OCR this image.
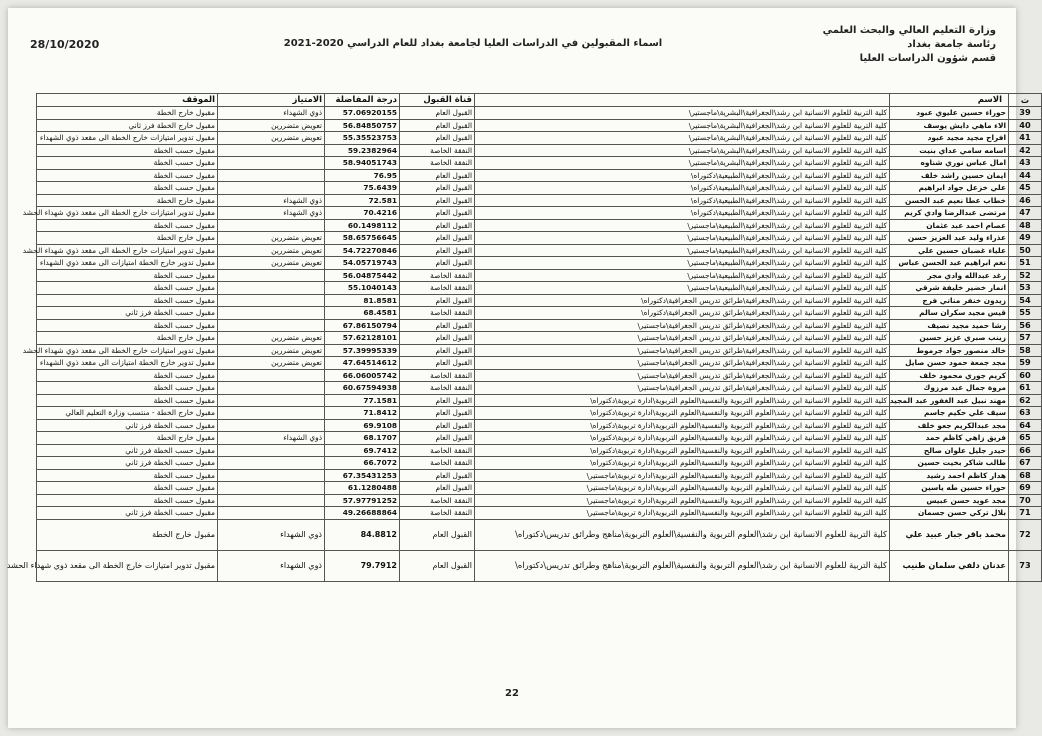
28/10/2020	اسماء المقبولين في الدراسات العليا لجامعة بغداد للعام الدراسي 2020-2021
وزارة التعليم العالي والبحث العلمي
رئاسة جامعة بغداد
قسم شؤون الدراسات العليا
ت	الاسم		قناة القبول	درجة المفاضلة	الامتياز	الموقف
39	حوراء حسين عليوي عبود	كلية التربية للعلوم الانسانية ابن رشد\الجغرافية\البشرية\ماجستير\	القبول العام	57.06920155	ذوي الشهداء	مقبول خارج الخطة
40	الاء ماهي دايش يوسف	كلية التربية للعلوم الانسانية ابن رشد\الجغرافية\البشرية\ماجستير\	القبول العام	56.84850757	تعويض متضررين	مقبول خارج الخطة فرز ثاني
41	افراح مجيد مجيد عبود	كلية التربية للعلوم الانسانية ابن رشد\الجغرافية\البشرية\ماجستير\	القبول العام	55.35523753	تعويض متضررين	مقبول تدوير امتيازات خارج الخطة الى مقعد ذوي الشهداء
42	اسامه سامي عداي بنيت	كلية التربية للعلوم الانسانية ابن رشد\الجغرافية\البشرية\ماجستير\	النفقة الخاصة	59.2382964		مقبول حسب الخطة
43	امال عباس نوري شناوه	كلية التربية للعلوم الانسانية ابن رشد\الجغرافية\البشرية\ماجستير\	النفقة الخاصة	58.94051743		مقبول حسب الخطة
44	ايمان حسين راشد خلف	كلية التربية للعلوم الانسانية ابن رشد\الجغرافية\الطبيعية\دكتوراه\	القبول العام	76.95		مقبول حسب الخطة
45	علي خزعل جواد ابراهيم	كلية التربية للعلوم الانسانية ابن رشد\الجغرافية\الطبيعية\دكتوراه\	القبول العام	75.6439		مقبول حسب الخطة
46	خطاب عطا نعيم عبد الحسن	كلية التربية للعلوم الانسانية ابن رشد\الجغرافية\الطبيعية\دكتوراه\	القبول العام	72.581	ذوي الشهداء	مقبول خارج الخطة
47	مرتضى عبدالرضا وادي كريم	كلية التربية للعلوم الانسانية ابن رشد\الجغرافية\الطبيعية\دكتوراه\	القبول العام	70.4216	ذوي الشهداء	مقبول تدوير امتيازات خارج الخطة الى مقعد ذوي شهداء الحشد
48	عصام احمد عبد عثمان	كلية التربية للعلوم الانسانية ابن رشد\الجغرافية\الطبيعية\ماجستير\	القبول العام	60.1498112		مقبول حسب الخطة
49	عذراء وليد عبد العزيز حسن	كلية التربية للعلوم الانسانية ابن رشد\الجغرافية\الطبيعية\ماجستير\	القبول العام	58.65756645	تعويض متضررين	مقبول خارج الخطة
50	علياء غضبان حسين علي	كلية التربية للعلوم الانسانية ابن رشد\الجغرافية\الطبيعية\ماجستير\	القبول العام	54.72270846	تعويض متضررين	مقبول تدوير امتيازات خارج الخطة الى مقعد ذوي شهداء الحشد
51	نغم ابراهيم عبد الحسن عباس	كلية التربية للعلوم الانسانية ابن رشد\الجغرافية\الطبيعية\ماجستير\	القبول العام	54.05719743	تعويض متضررين	مقبول تدوير خارج الخطة امتيازات الى مقعد ذوي الشهداء
52	رغد عبدالله وادي مجر	كلية التربية للعلوم الانسانية ابن رشد\الجغرافية\الطبيعية\ماجستير\	النفقة الخاصة	56.04875442		مقبول حسب الخطة
53	انمار خضير خليفة شرقي	كلية التربية للعلوم الانسانية ابن رشد\الجغرافية\الطبيعية\ماجستير\	النفقة الخاصة	55.1040143		مقبول حسب الخطة
54	زيدون خنفر مناتي فرج	كلية التربية للعلوم الانسانية ابن رشد\الجغرافية\طرائق تدريس الجغرافية\دكتوراه\	القبول العام	81.8581		مقبول حسب الخطة
55	قيس مجيد سكران سالم	كلية التربية للعلوم الانسانية ابن رشد\الجغرافية\طرائق تدريس الجغرافية\دكتوراه\	النفقة الخاصة	68.4581		مقبول حسب الخطة فرز ثاني
56	رشا حميد مجيد نصيف	كلية التربية للعلوم الانسانية ابن رشد\الجغرافية\طرائق تدريس الجغرافية\ماجستير\	القبول العام	67.86150794		مقبول حسب الخطة
57	زينب صبري عزيز حسين	كلية التربية للعلوم الانسانية ابن رشد\الجغرافية\طرائق تدريس الجغرافية\ماجستير\	القبول العام	57.62128101	تعويض متضررين	مقبول خارج الخطة
58	خالد منصور جواد جرموط	كلية التربية للعلوم الانسانية ابن رشد\الجغرافية\طرائق تدريس الجغرافية\ماجستير\	القبول العام	57.39995339	تعويض متضررين	مقبول تدوير امتيازات خارج الخطة الى مقعد ذوي شهداء الحشد
59	مجد جمعة حمود حسن صايل	كلية التربية للعلوم الانسانية ابن رشد\الجغرافية\طرائق تدريس الجغرافية\ماجستير\	القبول العام	47.64514612	تعويض متضررين	مقبول تدوير خارج الخطة امتيازات الى مقعد ذوي الشهداء
60	كريم جوري محمود خلف	كلية التربية للعلوم الانسانية ابن رشد\الجغرافية\طرائق تدريس الجغرافية\ماجستير\	النفقة الخاصة	66.06005742		مقبول حسب الخطة
61	مروة جمال عبد مرزوك	كلية التربية للعلوم الانسانية ابن رشد\الجغرافية\طرائق تدريس الجغرافية\ماجستير\	النفقة الخاصة	60.67594938		مقبول حسب الخطة
62	مهند نبيل عبد الغفور عبد المجيد	كلية التربية للعلوم الانسانية ابن رشد\العلوم التربوية والنفسية\العلوم التربوية\ادارة تربوية\دكتوراه\	القبول العام	77.1581		مقبول حسب الخطة
63	سيف علي حكيم جاسم	كلية التربية للعلوم الانسانية ابن رشد\العلوم التربوية والنفسية\العلوم التربوية\ادارة تربوية\دكتوراه\	القبول العام	71.8412		مقبول خارج الخطة - منتسب وزارة التعليم العالي
64	مجد عبدالكريم جعو خلف	كلية التربية للعلوم الانسانية ابن رشد\العلوم التربوية والنفسية\العلوم التربوية\ادارة تربوية\دكتوراه\	القبول العام	69.9108		مقبول حسب الخطة فرز ثاني
65	فريق زاهي كاظم حمد	كلية التربية للعلوم الانسانية ابن رشد\العلوم التربوية والنفسية\العلوم التربوية\ادارة تربوية\دكتوراه\	القبول العام	68.1707	ذوي الشهداء	مقبول خارج الخطة
66	حيدر جليل علوان صالح	كلية التربية للعلوم الانسانية ابن رشد\العلوم التربوية والنفسية\العلوم التربوية\ادارة تربوية\دكتوراه\	النفقة الخاصة	69.7412		مقبول حسب الخطة فرز ثاني
67	طالب شاكر بخيت حسين	كلية التربية للعلوم الانسانية ابن رشد\العلوم التربوية والنفسية\العلوم التربوية\ادارة تربوية\دكتوراه\	النفقة الخاصة	66.7072		مقبول حسب الخطة فرز ثاني
68	هدار كاظم احمد رشيد	كلية التربية للعلوم الانسانية ابن رشد\العلوم التربوية والنفسية\العلوم التربوية\ادارة تربوية\ماجستير\	القبول العام	67.35431253		مقبول حسب الخطة
69	حوراء حسين طه ياسين	كلية التربية للعلوم الانسانية ابن رشد\العلوم التربوية والنفسية\العلوم التربوية\ادارة تربوية\ماجستير\	القبول العام	61.1280488		مقبول حسب الخطة
70	مجد عويد حسن عبيس	كلية التربية للعلوم الانسانية ابن رشد\العلوم التربوية والنفسية\العلوم التربوية\ادارة تربوية\ماجستير\	النفقة الخاصة	57.97791252		مقبول حسب الخطة
71	بلال تركي حسن جسمان	كلية التربية للعلوم الانسانية ابن رشد\العلوم التربوية والنفسية\العلوم التربوية\ادارة تربوية\ماجستير\	النفقة الخاصة	49.26688864		مقبول حسب الخطة فرز ثاني
72	محمد باقر جبار عبيد علي	كلية التربية للعلوم الانسانية ابن رشد\العلوم التربوية والنفسية\العلوم التربوية\مناهج وطرائق تدريس\دكتوراه\	القبول العام	84.8812	ذوي الشهداء	مقبول خارج الخطة
73	عدنان دلفي سلمان طنيب	كلية التربية للعلوم الانسانية ابن رشد\العلوم التربوية والنفسية\العلوم التربوية\مناهج وطرائق تدريس\دكتوراه\	القبول العام	79.7912	ذوي الشهداء	مقبول تدوير امتيازات خارج الخطة الى مقعد ذوي شهداء الحشد
22
